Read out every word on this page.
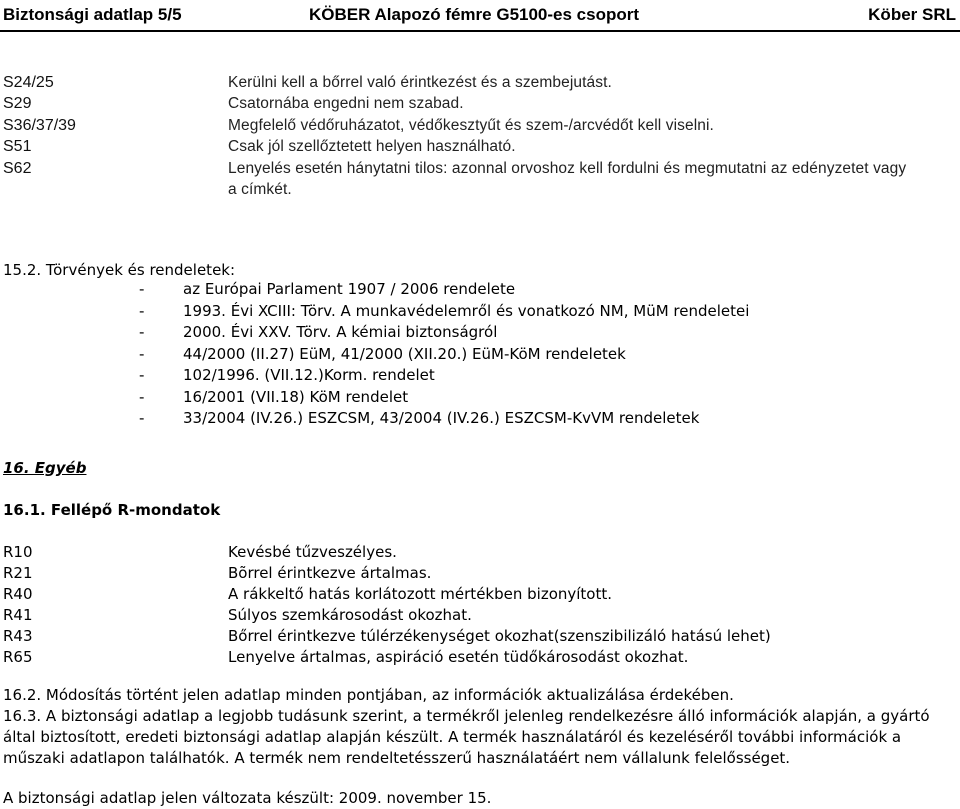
Biztonsági adatlap 5/5	KÖBER Alapozó fémre G5100-es csoport	Köber SRL
S24/25	Kerülni kell a bőrrel való érintkezést és a szembejutást.
S29	Csatornába engedni nem szabad.
S36/37/39	Megfelelő védőruházatot, védőkesztyűt és szem-/arcvédőt kell viselni.
S51	Csak jól szellőztetett helyen használható.
S62	Lenyelés esetén hánytatni tilos: azonnal orvoshoz kell fordulni és megmutatni az edényzetet vagy
a címkét.
15.2. Törvények és rendeletek:
-	az Európai Parlament 1907 / 2006 rendelete
-	1993. Évi XCIII: Törv. A munkavédelemről és vonatkozó NM, MüM rendeletei
-	2000. Évi XXV. Törv. A kémiai biztonságról
-	44/2000 (II.27) EüM, 41/2000 (XII.20.) EüM-KöM rendeletek
-	102/1996. (VII.12.)Korm. rendelet
-	16/2001 (VII.18) KöM rendelet
-	33/2004 (IV.26.) ESZCSM, 43/2004 (IV.26.) ESZCSM-KvVM rendeletek
16. Egyéb
16.1. Fellépő R-mondatok
R10	Kevésbé tűzveszélyes.
R21	Bõrrel érintkezve ártalmas.
R40	A rákkeltő hatás korlátozott mértékben bizonyított.
R41	Súlyos szemkárosodást okozhat.
R43	Bőrrel érintkezve túlérzékenységet okozhat(szenszibilizáló hatású lehet)
R65	Lenyelve ártalmas, aspiráció esetén tüdőkárosodást okozhat.
16.2. Módosítás történt jelen adatlap minden pontjában, az információk aktualizálása érdekében.
16.3. A biztonsági adatlap a legjobb tudásunk szerint, a termékről jelenleg rendelkezésre álló információk alapján, a gyártó által biztosított, eredeti biztonsági adatlap alapján készült. A termék használatáról és kezeléséről további információk a műszaki adatlapon találhatók. A termék nem rendeltetésszerű használatáért nem vállalunk felelősséget.
A biztonsági adatlap jelen változata készült: 2009. november 15.
